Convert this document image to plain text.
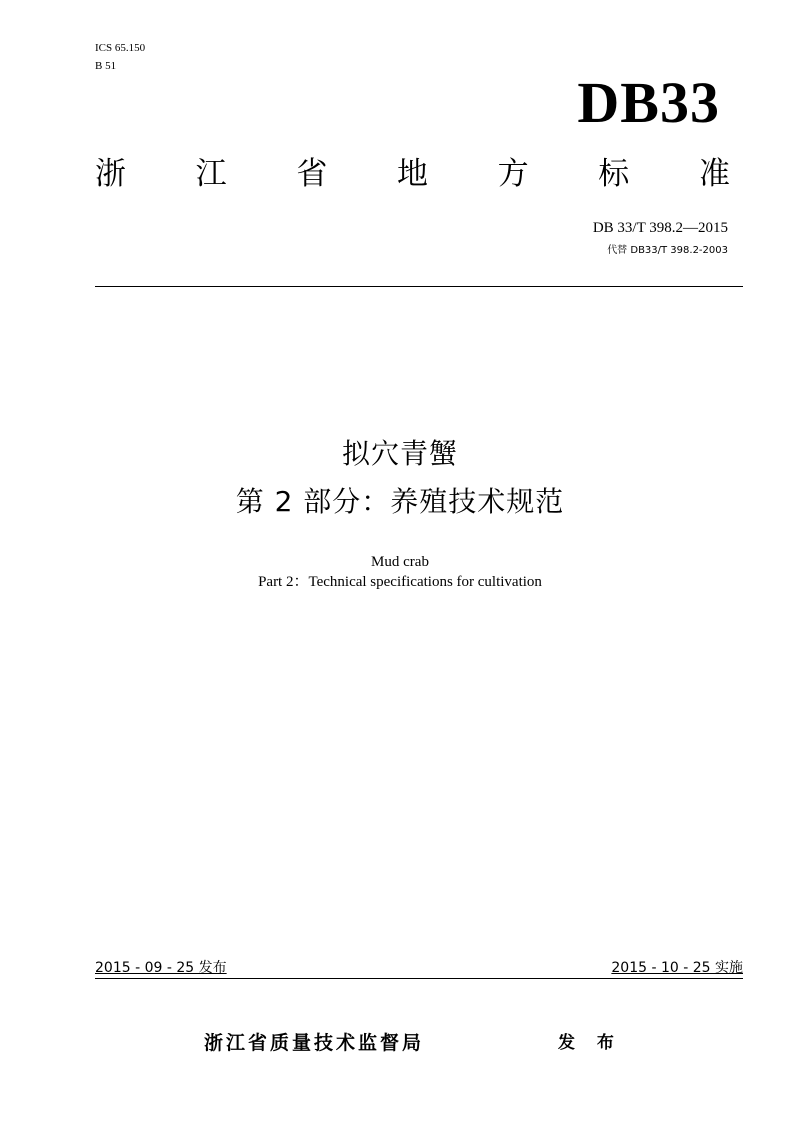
ICS 65.150
B 51
DB33
浙 江 省 地 方 标 准
DB 33/T 398.2—2015
代替 DB33/T 398.2-2003
拟穴青蟹
第 2 部分：养殖技术规范
Mud crab
Part 2：Technical specifications for cultivation
2015 - 09 - 25 发布	2015 - 10 - 25 实施
浙江省质量技术监督局	发 布
